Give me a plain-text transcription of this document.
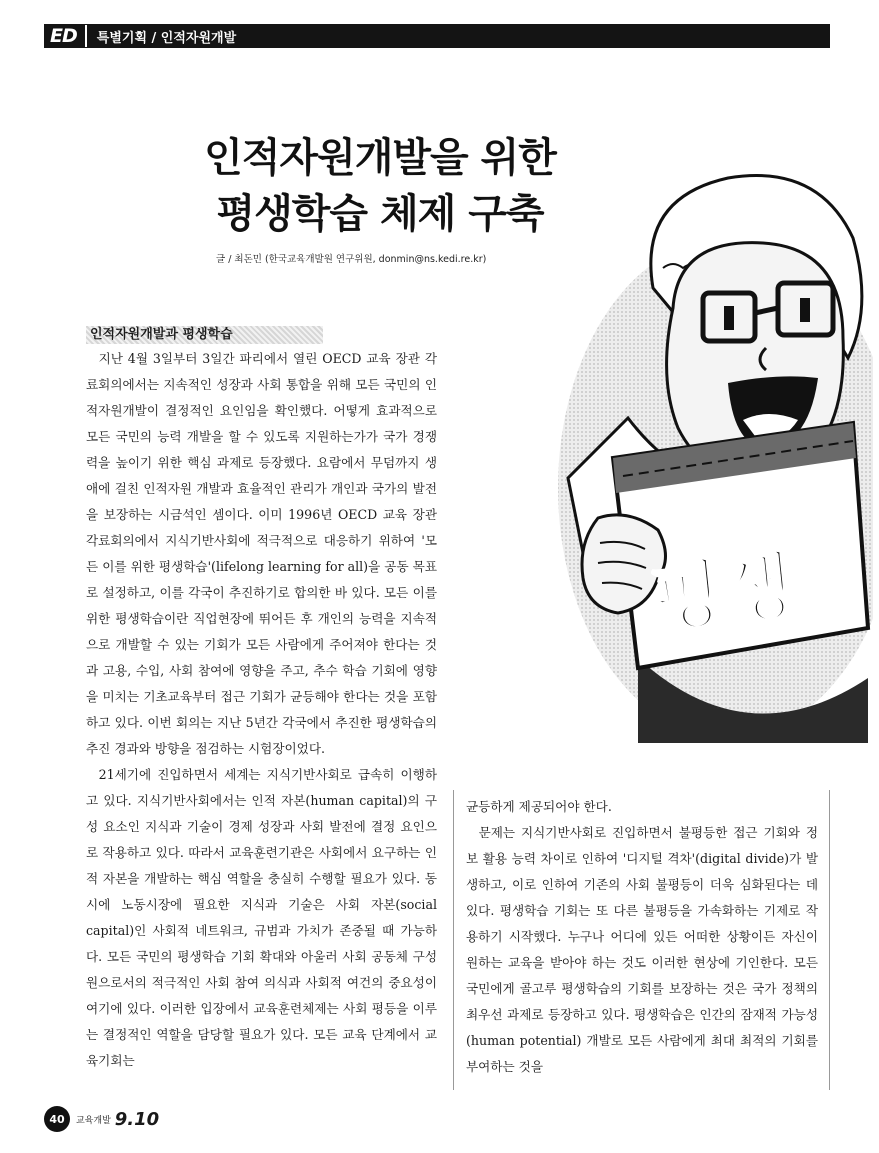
ED	특별기획 / 인적자원개발
인적자원개발을 위한
평생학습 체제 구축
글 / 최돈민 (한국교육개발원 연구위원, donmin@ns.kedi.re.kr)
평생
인적자원개발과 평생학습

지난 4월 3일부터 3일간 파리에서 열린 OECD 교육 장관 각료회의에서는 지속적인 성장과 사회 통합을 위해 모든 국민의 인적자원개발이 결정적인 요인임을 확인했다. 어떻게 효과적으로 모든 국민의 능력 개발을 할 수 있도록 지원하는가가 국가 경쟁력을 높이기 위한 핵심 과제로 등장했다. 요람에서 무덤까지 생애에 걸친 인적자원 개발과 효율적인 관리가 개인과 국가의 발전을 보장하는 시금석인 셈이다. 이미 1996년 OECD 교육 장관 각료회의에서 지식기반사회에 적극적으로 대응하기 위하여 '모든 이를 위한 평생학습'(lifelong learning for all)을 공동 목표로 설정하고, 이를 각국이 추진하기로 합의한 바 있다. 모든 이를 위한 평생학습이란 직업현장에 뛰어든 후 개인의 능력을 지속적으로 개발할 수 있는 기회가 모든 사람에게 주어져야 한다는 것과 고용, 수입, 사회 참여에 영향을 주고, 추수 학습 기회에 영향을 미치는 기초교육부터 접근 기회가 균등해야 한다는 것을 포함하고 있다. 이번 회의는 지난 5년간 각국에서 추진한 평생학습의 추진 경과와 방향을 점검하는 시험장이었다.

21세기에 진입하면서 세계는 지식기반사회로 급속히 이행하고 있다. 지식기반사회에서는 인적 자본(human capital)의 구성 요소인 지식과 기술이 경제 성장과 사회 발전에 결정 요인으로 작용하고 있다. 따라서 교육훈련기관은 사회에서 요구하는 인적 자본을 개발하는 핵심 역할을 충실히 수행할 필요가 있다. 동시에 노동시장에 필요한 지식과 기술은 사회 자본(social capital)인 사회적 네트워크, 규범과 가치가 존중될 때 가능하다. 모든 국민의 평생학습 기회 확대와 아울러 사회 공동체 구성원으로서의 적극적인 사회 참여 의식과 사회적 여건의 중요성이 여기에 있다. 이러한 입장에서 교육훈련체제는 사회 평등을 이루는 결정적인 역할을 담당할 필요가 있다. 모든 교육 단계에서 교육기회는

균등하게 제공되어야 한다.

문제는 지식기반사회로 진입하면서 불평등한 접근 기회와 정보 활용 능력 차이로 인하여 '디지털 격차'(digital divide)가 발생하고, 이로 인하여 기존의 사회 불평등이 더욱 심화된다는 데 있다. 평생학습 기회는 또 다른 불평등을 가속화하는 기제로 작용하기 시작했다. 누구나 어디에 있든 어떠한 상황이든 자신이 원하는 교육을 받아야 하는 것도 이러한 현상에 기인한다. 모든 국민에게 골고루 평생학습의 기회를 보장하는 것은 국가 정책의 최우선 과제로 등장하고 있다. 평생학습은 인간의 잠재적 가능성(human potential) 개발로 모든 사람에게 최대 최적의 기회를 부여하는 것을

40	교육개발 9.10
